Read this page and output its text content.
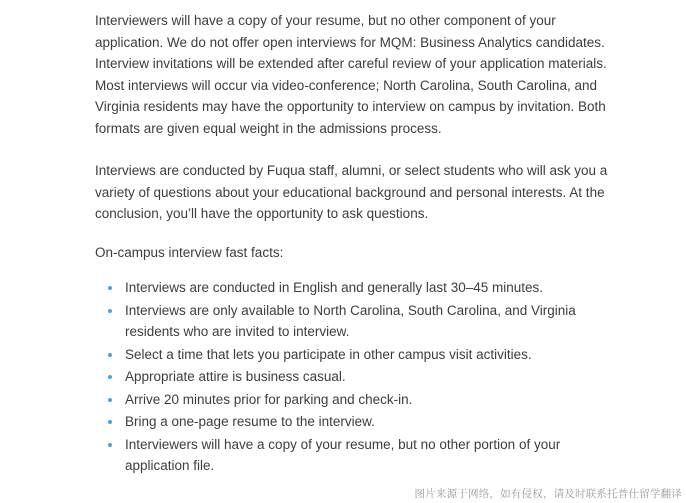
Interviewers will have a copy of your resume, but no other component of your application. We do not offer open interviews for MQM: Business Analytics candidates. Interview invitations will be extended after careful review of your application materials. Most interviews will occur via video-conference; North Carolina, South Carolina, and Virginia residents may have the opportunity to interview on campus by invitation. Both formats are given equal weight in the admissions process.

Interviews are conducted by Fuqua staff, alumni, or select students who will ask you a variety of questions about your educational background and personal interests. At the conclusion, you’ll have the opportunity to ask questions.

On-campus interview fast facts:

Interviews are conducted in English and generally last 30–45 minutes.
Interviews are only available to North Carolina, South Carolina, and Virginia residents who are invited to interview.
Select a time that lets you participate in other campus visit activities.
Appropriate attire is business casual.
Arrive 20 minutes prior for parking and check-in.
Bring a one-page resume to the interview.
Interviewers will have a copy of your resume, but no other portion of your application file.
图片来源于网络，如有侵权，请及时联系托普仕留学翻译
